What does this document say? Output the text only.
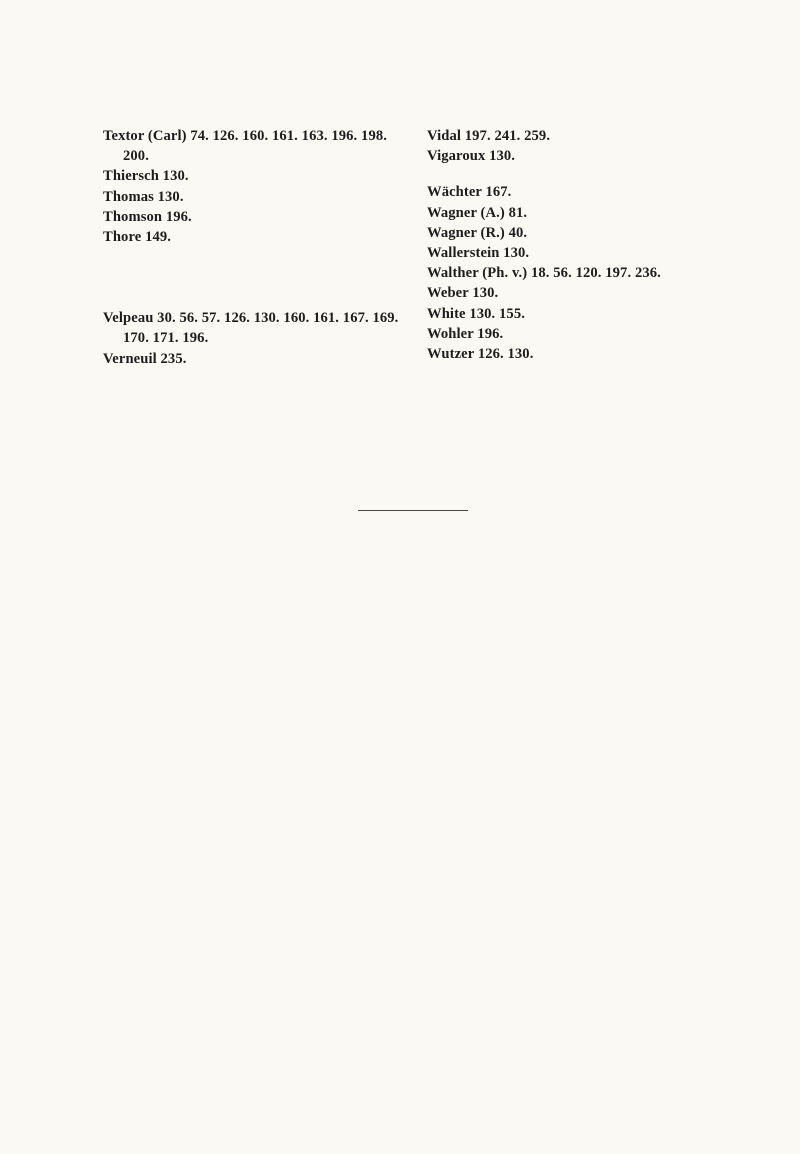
Textor (Carl) 74. 126. 160. 161. 163. 196. 198. 200.
Thiersch 130.
Thomas 130.
Thomson 196.
Thore 149.
Velpeau 30. 56. 57. 126. 130. 160. 161. 167. 169. 170. 171. 196.
Verneuil 235.
Vidal 197. 241. 259.
Vigaroux 130.
Wächter 167.
Wagner (A.) 81.
Wagner (R.) 40.
Wallerstein 130.
Walther (Ph. v.) 18. 56. 120. 197. 236.
Weber 130.
White 130. 155.
Wohler 196.
Wutzer 126. 130.
